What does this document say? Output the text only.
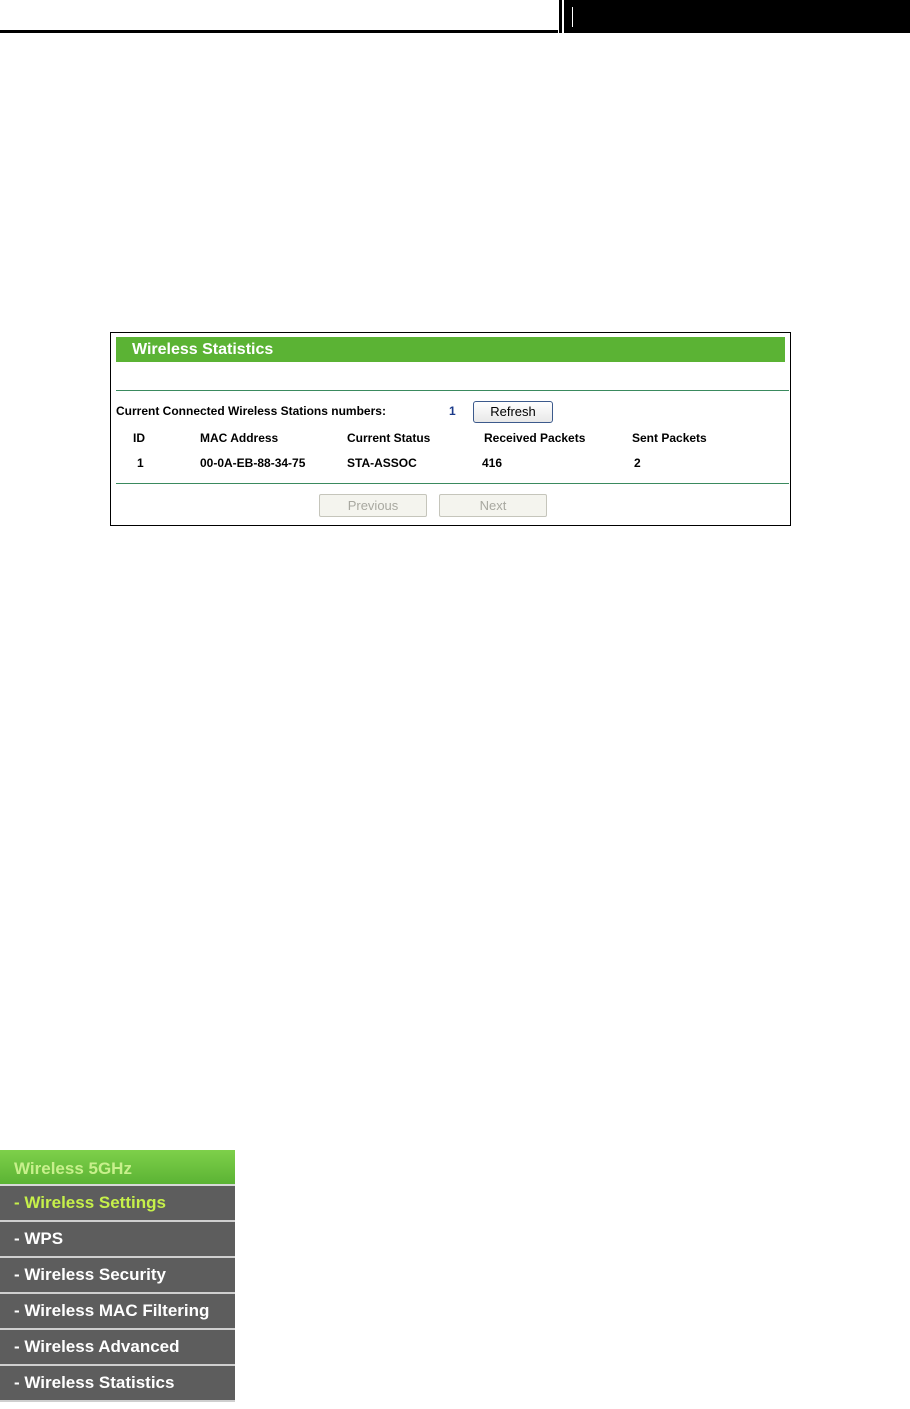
Wireless Statistics
Current Connected Wireless Stations numbers:	1	Refresh
ID	MAC Address	Current Status	Received Packets	Sent Packets
1	00-0A-EB-88-34-75	STA-ASSOC	416	2
Previous	Next
Wireless 5GHz
- Wireless Settings
- WPS
- Wireless Security
- Wireless MAC Filtering
- Wireless Advanced
- Wireless Statistics
